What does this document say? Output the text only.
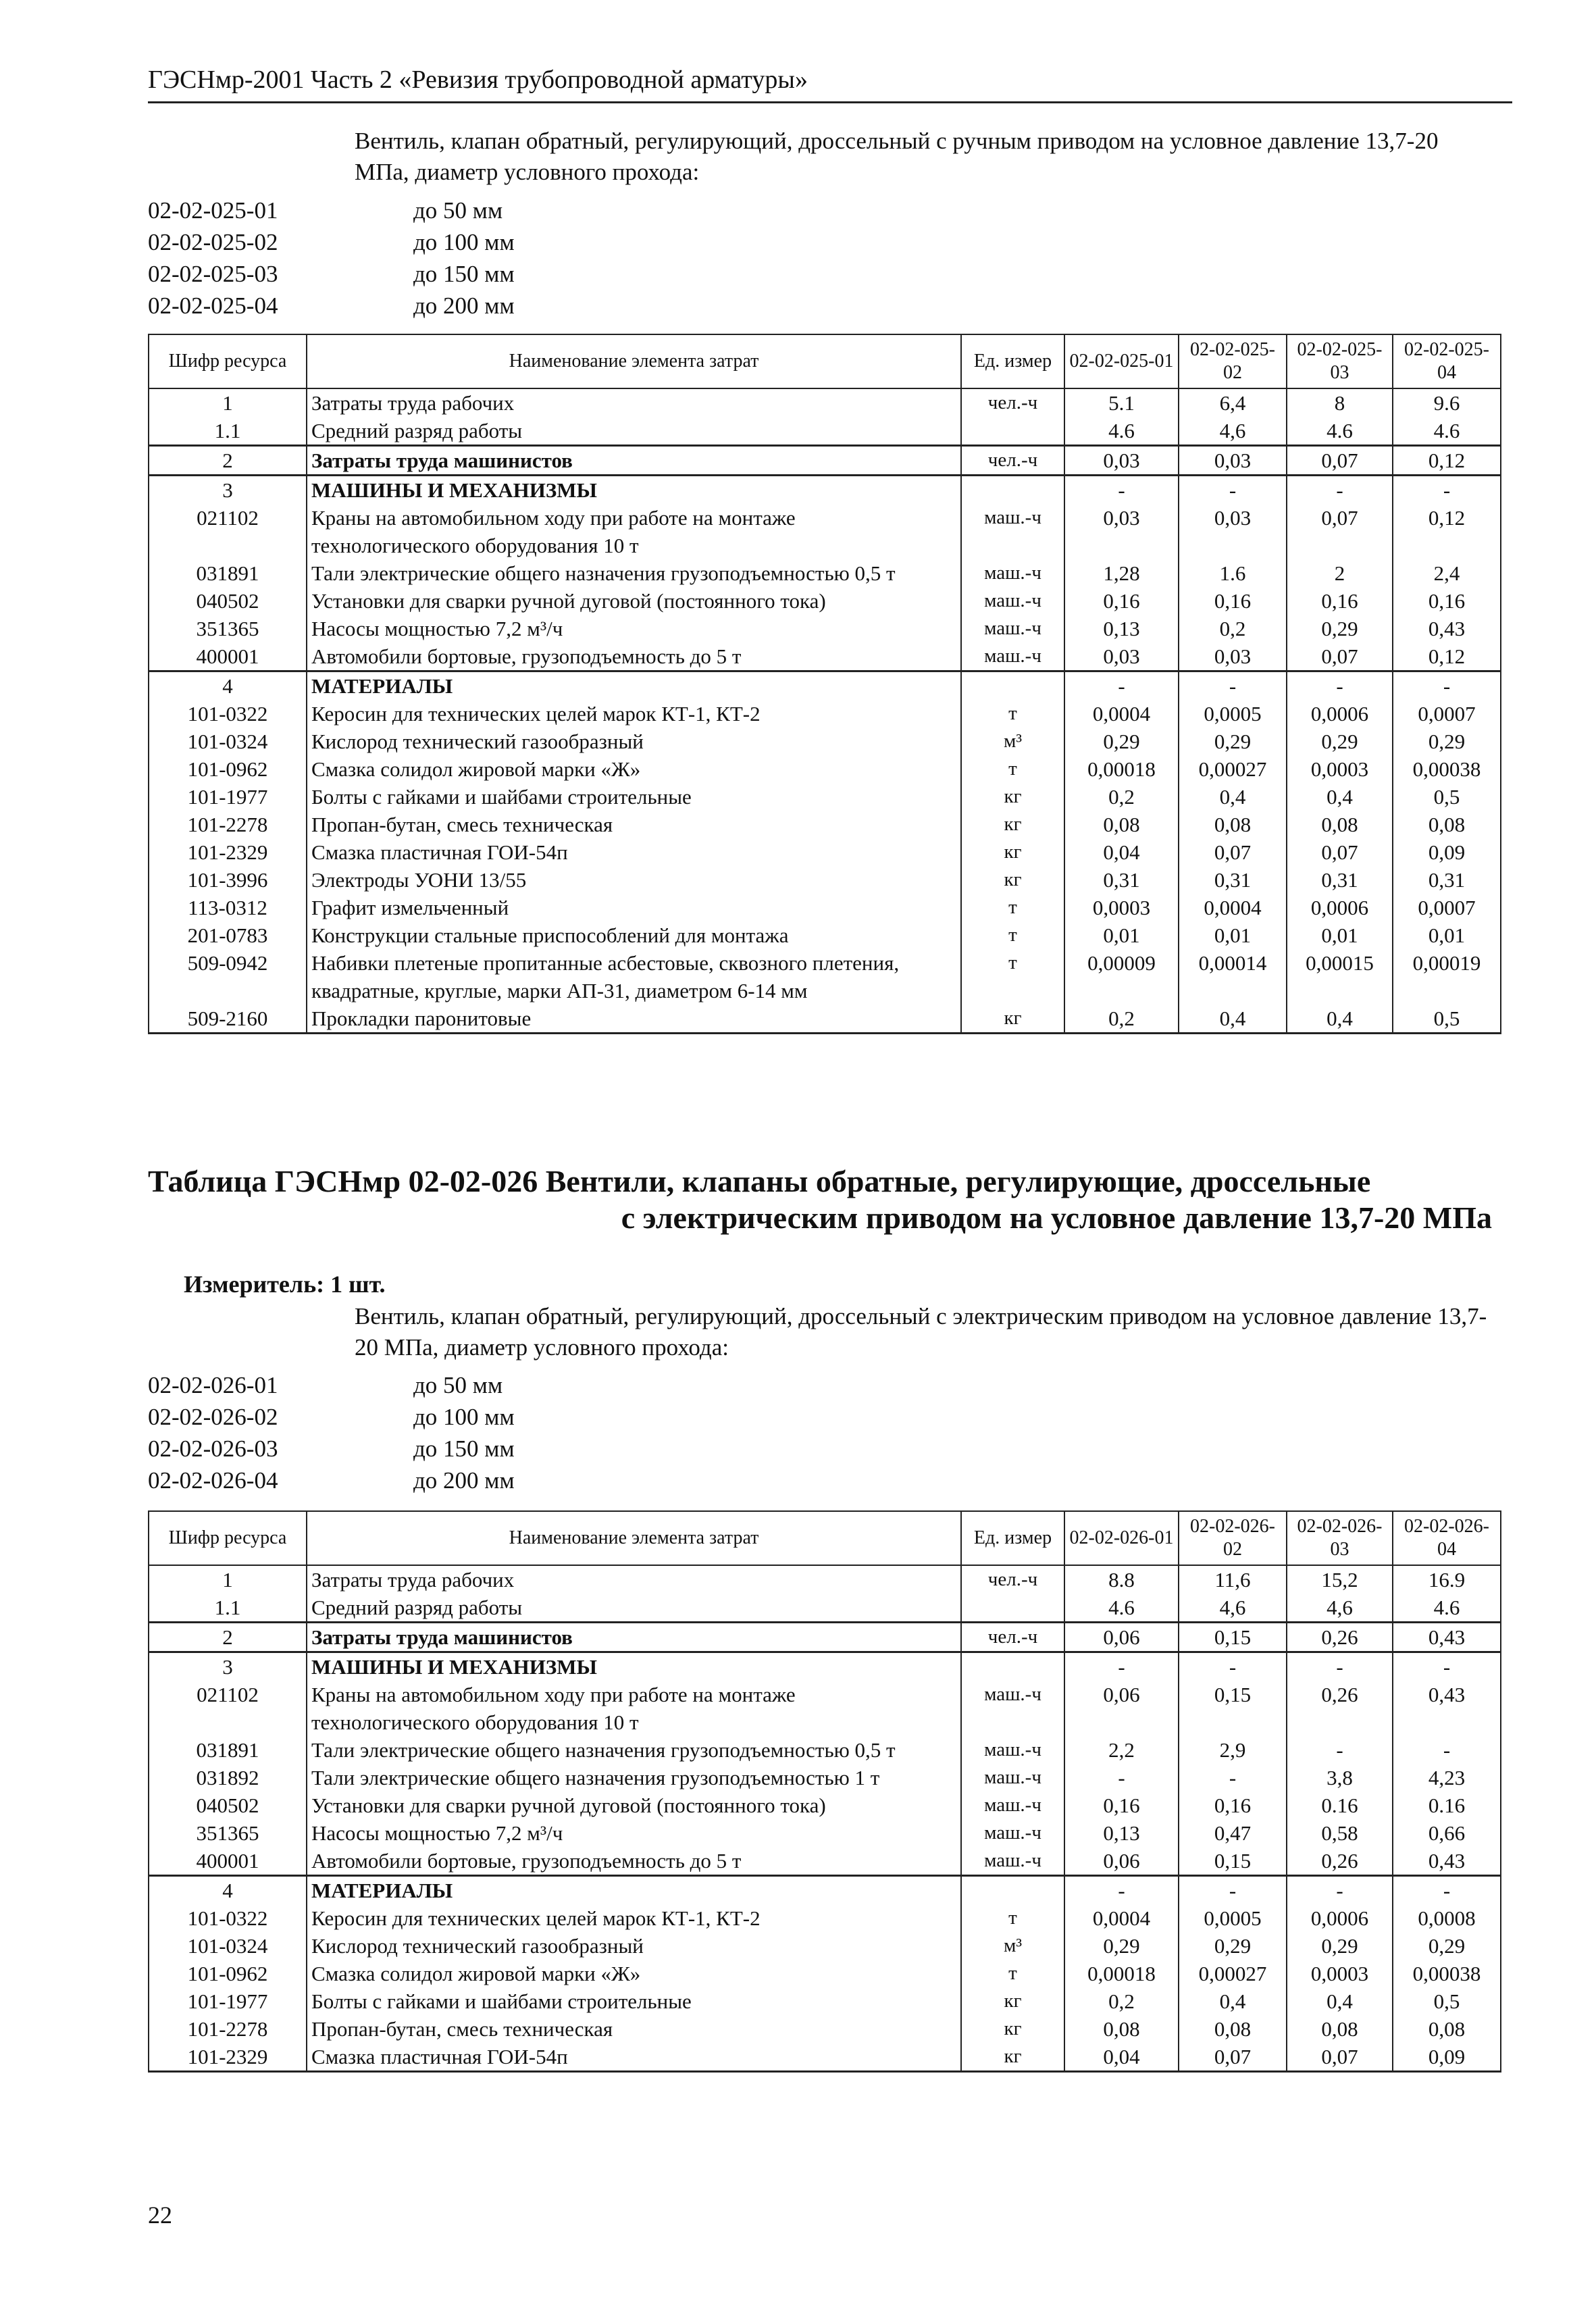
ГЭСНмр-2001 Часть 2 «Ревизия трубопроводной арматуры»
Вентиль, клапан обратный, регулирующий, дроссельный с ручным приводом на условное давление 13,7-20 МПа, диаметр условного прохода:
02-02-025-01	до 50 мм
02-02-025-02	до 100 мм
02-02-025-03	до 150 мм
02-02-025-04	до 200 мм
Шифр ресурса	Наименование элемента затрат	Ед. измер	02-02-025-01	02-02-025-02	02-02-025-03	02-02-025-04
1	Затраты труда рабочих	чел.-ч	5.1	6,4	8	9.6
1.1	Средний разряд работы		4.6	4,6	4.6	4.6
2	Затраты труда машинистов	чел.-ч	0,03	0,03	0,07	0,12
3	МАШИНЫ И МЕХАНИЗМЫ		-	-	-	-
021102	Краны на автомобильном ходу при работе на монтаже технологического оборудования 10 т	маш.-ч	0,03	0,03	0,07	0,12
031891	Тали электрические общего назначения грузоподъемностью 0,5 т	маш.-ч	1,28	1.6	2	2,4
040502	Установки для сварки ручной дуговой (постоянного тока)	маш.-ч	0,16	0,16	0,16	0,16
351365	Насосы мощностью 7,2 м³/ч	маш.-ч	0,13	0,2	0,29	0,43
400001	Автомобили бортовые, грузоподъемность до 5 т	маш.-ч	0,03	0,03	0,07	0,12
4	МАТЕРИАЛЫ		-	-	-	-
101-0322	Керосин для технических целей марок КТ-1, КТ-2	т	0,0004	0,0005	0,0006	0,0007
101-0324	Кислород технический газообразный	м³	0,29	0,29	0,29	0,29
101-0962	Смазка солидол жировой марки «Ж»	т	0,00018	0,00027	0,0003	0,00038
101-1977	Болты с гайками и шайбами строительные	кг	0,2	0,4	0,4	0,5
101-2278	Пропан-бутан, смесь техническая	кг	0,08	0,08	0,08	0,08
101-2329	Смазка пластичная ГОИ-54п	кг	0,04	0,07	0,07	0,09
101-3996	Электроды УОНИ 13/55	кг	0,31	0,31	0,31	0,31
113-0312	Графит измельченный	т	0,0003	0,0004	0,0006	0,0007
201-0783	Конструкции стальные приспособлений для монтажа	т	0,01	0,01	0,01	0,01
509-0942	Набивки плетеные пропитанные асбестовые, сквозного плетения, квадратные, круглые, марки АП-31, диаметром 6-14 мм	т	0,00009	0,00014	0,00015	0,00019
509-2160	Прокладки паронитовые	кг	0,2	0,4	0,4	0,5
Таблица ГЭСНмр 02-02-026 Вентили, клапаны обратные, регулирующие, дроссельные
с электрическим приводом на условное давление 13,7-20 МПа
Измеритель: 1 шт.
Вентиль, клапан обратный, регулирующий, дроссельный с электрическим приводом на условное давление 13,7-20 МПа, диаметр условного прохода:
02-02-026-01	до 50 мм
02-02-026-02	до 100 мм
02-02-026-03	до 150 мм
02-02-026-04	до 200 мм
Шифр ресурса	Наименование элемента затрат	Ед. измер	02-02-026-01	02-02-026-02	02-02-026-03	02-02-026-04
1	Затраты труда рабочих	чел.-ч	8.8	11,6	15,2	16.9
1.1	Средний разряд работы		4.6	4,6	4,6	4.6
2	Затраты труда машинистов	чел.-ч	0,06	0,15	0,26	0,43
3	МАШИНЫ И МЕХАНИЗМЫ		-	-	-	-
021102	Краны на автомобильном ходу при работе на монтаже технологического оборудования 10 т	маш.-ч	0,06	0,15	0,26	0,43
031891	Тали электрические общего назначения грузоподъемностью 0,5 т	маш.-ч	2,2	2,9	-	-
031892	Тали электрические общего назначения грузоподъемностью 1 т	маш.-ч	-	-	3,8	4,23
040502	Установки для сварки ручной дуговой (постоянного тока)	маш.-ч	0,16	0,16	0.16	0.16
351365	Насосы мощностью 7,2 м³/ч	маш.-ч	0,13	0,47	0,58	0,66
400001	Автомобили бортовые, грузоподъемность до 5 т	маш.-ч	0,06	0,15	0,26	0,43
4	МАТЕРИАЛЫ		-	-	-	-
101-0322	Керосин для технических целей марок КТ-1, КТ-2	т	0,0004	0,0005	0,0006	0,0008
101-0324	Кислород технический газообразный	м³	0,29	0,29	0,29	0,29
101-0962	Смазка солидол жировой марки «Ж»	т	0,00018	0,00027	0,0003	0,00038
101-1977	Болты с гайками и шайбами строительные	кг	0,2	0,4	0,4	0,5
101-2278	Пропан-бутан, смесь техническая	кг	0,08	0,08	0,08	0,08
101-2329	Смазка пластичная ГОИ-54п	кг	0,04	0,07	0,07	0,09
22
